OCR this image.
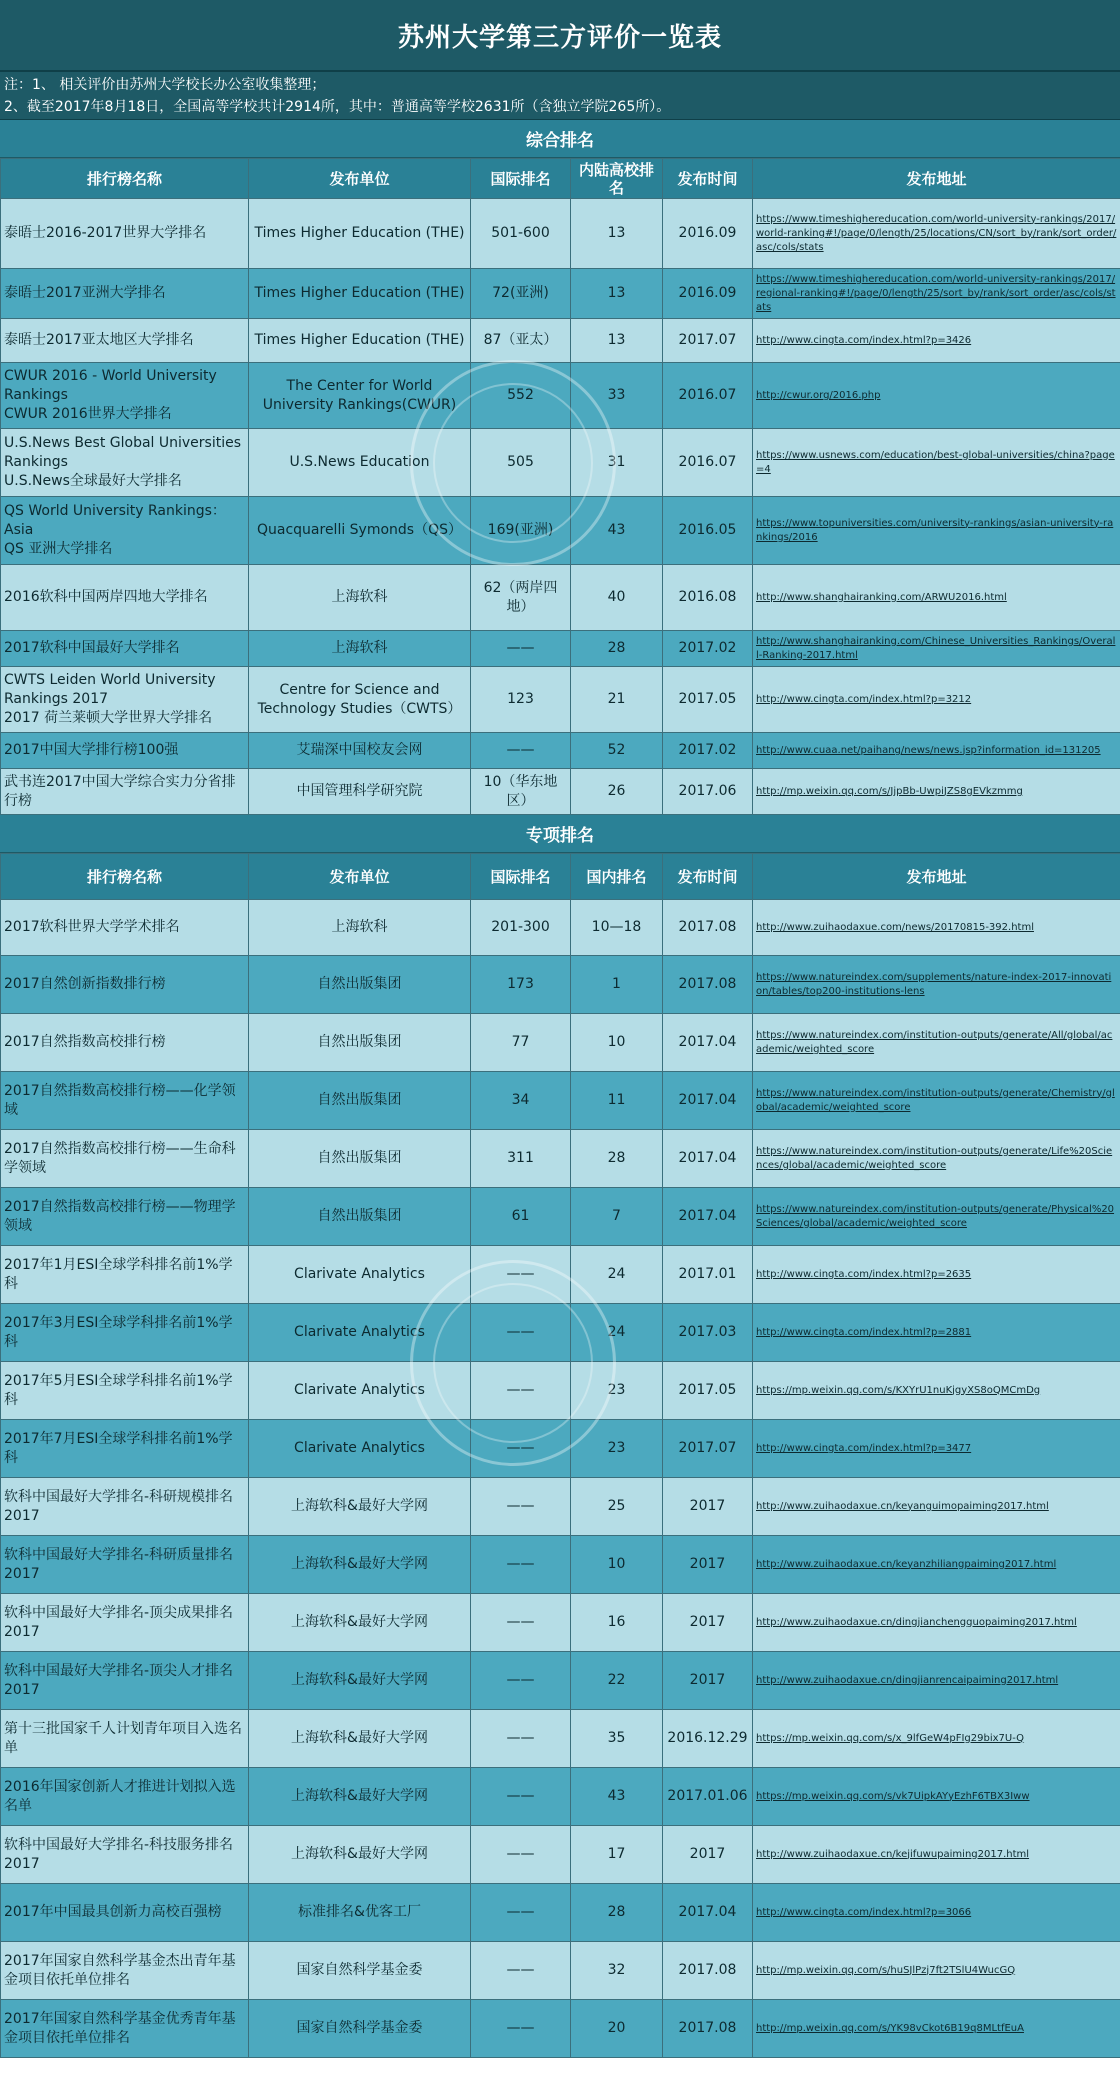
苏州大学第三方评价一览表
注：1、 相关评价由苏州大学校长办公室收集整理；
2、截至2017年8月18日，全国高等学校共计2914所，其中：普通高等学校2631所（含独立学院265所）。
综合排名
排行榜名称	发布单位	国际排名	内陆高校排名	发布时间	发布地址
泰晤士2016-2017世界大学排名	Times Higher Education (THE)	501-600	13	2016.09	https://www.timeshighereducation.com/world-university-rankings/2017/world-ranking#!/page/0/length/25/locations/CN/sort_by/rank/sort_order/asc/cols/stats
泰晤士2017亚洲大学排名	Times Higher Education (THE)	72(亚洲)	13	2016.09	https://www.timeshighereducation.com/world-university-rankings/2017/regional-ranking#!/page/0/length/25/sort_by/rank/sort_order/asc/cols/stats
泰晤士2017亚太地区大学排名	Times Higher Education (THE)	87（亚太）	13	2017.07	http://www.cingta.com/index.html?p=3426
CWUR 2016 - World University Rankings
CWUR 2016世界大学排名	The Center for World University Rankings(CWUR)	552	33	2016.07	http://cwur.org/2016.php
U.S.News Best Global Universities Rankings
U.S.News全球最好大学排名	U.S.News Education	505	31	2016.07	https://www.usnews.com/education/best-global-universities/china?page=4
QS World University Rankings：Asia
QS 亚洲大学排名	Quacquarelli Symonds（QS）	169(亚洲)	43	2016.05	https://www.topuniversities.com/university-rankings/asian-university-rankings/2016
2016软科中国两岸四地大学排名	上海软科	62（两岸四地）	40	2016.08	http://www.shanghairanking.com/ARWU2016.html
2017软科中国最好大学排名	上海软科	——	28	2017.02	http://www.shanghairanking.com/Chinese_Universities_Rankings/Overall-Ranking-2017.html
CWTS Leiden World University Rankings 2017
2017 荷兰莱顿大学世界大学排名	Centre for Science and Technology Studies（CWTS）	123	21	2017.05	http://www.cingta.com/index.html?p=3212
2017中国大学排行榜100强	艾瑞深中国校友会网	——	52	2017.02	http://www.cuaa.net/paihang/news/news.jsp?information_id=131205
武书连2017中国大学综合实力分省排行榜	中国管理科学研究院	10（华东地区）	26	2017.06	http://mp.weixin.qq.com/s/JjpBb-UwpiJZS8gEVkzmmg
专项排名
排行榜名称	发布单位	国际排名	国内排名	发布时间	发布地址
2017软科世界大学学术排名	上海软科	201-300	10—18	2017.08	http://www.zuihaodaxue.com/news/20170815-392.html
2017自然创新指数排行榜	自然出版集团	173	1	2017.08	https://www.natureindex.com/supplements/nature-index-2017-innovation/tables/top200-institutions-lens
2017自然指数高校排行榜	自然出版集团	77	10	2017.04	https://www.natureindex.com/institution-outputs/generate/All/global/academic/weighted_score
2017自然指数高校排行榜——化学领域	自然出版集团	34	11	2017.04	https://www.natureindex.com/institution-outputs/generate/Chemistry/global/academic/weighted_score
2017自然指数高校排行榜——生命科学领域	自然出版集团	311	28	2017.04	https://www.natureindex.com/institution-outputs/generate/Life%20Sciences/global/academic/weighted_score
2017自然指数高校排行榜——物理学领域	自然出版集团	61	7	2017.04	https://www.natureindex.com/institution-outputs/generate/Physical%20Sciences/global/academic/weighted_score
2017年1月ESI全球学科排名前1%学科	Clarivate Analytics	——	24	2017.01	http://www.cingta.com/index.html?p=2635
2017年3月ESI全球学科排名前1%学科	Clarivate Analytics	——	24	2017.03	http://www.cingta.com/index.html?p=2881
2017年5月ESI全球学科排名前1%学科	Clarivate Analytics	——	23	2017.05	https://mp.weixin.qq.com/s/KXYrU1nuKjgyXS8oQMCmDg
2017年7月ESI全球学科排名前1%学科	Clarivate Analytics	——	23	2017.07	http://www.cingta.com/index.html?p=3477
软科中国最好大学排名-科研规模排名2017	上海软科&最好大学网	——	25	2017	http://www.zuihaodaxue.cn/keyanguimopaiming2017.html
软科中国最好大学排名-科研质量排名2017	上海软科&最好大学网	——	10	2017	http://www.zuihaodaxue.cn/keyanzhiliangpaiming2017.html
软科中国最好大学排名-顶尖成果排名2017	上海软科&最好大学网	——	16	2017	http://www.zuihaodaxue.cn/dingjianchengguopaiming2017.html
软科中国最好大学排名-顶尖人才排名2017	上海软科&最好大学网	——	22	2017	http://www.zuihaodaxue.cn/dingjianrencaipaiming2017.html
第十三批国家千人计划青年项目入选名单	上海软科&最好大学网	——	35	2016.12.29	https://mp.weixin.qq.com/s/x_9lfGeW4pFIg29bix7U-Q
2016年国家创新人才推进计划拟入选名单	上海软科&最好大学网	——	43	2017.01.06	https://mp.weixin.qq.com/s/vk7UipkAYyEzhF6TBX3Iww
软科中国最好大学排名-科技服务排名2017	上海软科&最好大学网	——	17	2017	http://www.zuihaodaxue.cn/kejifuwupaiming2017.html
2017年中国最具创新力高校百强榜	标准排名&优客工厂	——	28	2017.04	http://www.cingta.com/index.html?p=3066
2017年国家自然科学基金杰出青年基金项目依托单位排名	国家自然科学基金委	——	32	2017.08	http://mp.weixin.qq.com/s/huSJlPzj7ft2TSlU4WucGQ
2017年国家自然科学基金优秀青年基金项目依托单位排名	国家自然科学基金委	——	20	2017.08	http://mp.weixin.qq.com/s/YK98vCkot6B19q8MLtfEuA
